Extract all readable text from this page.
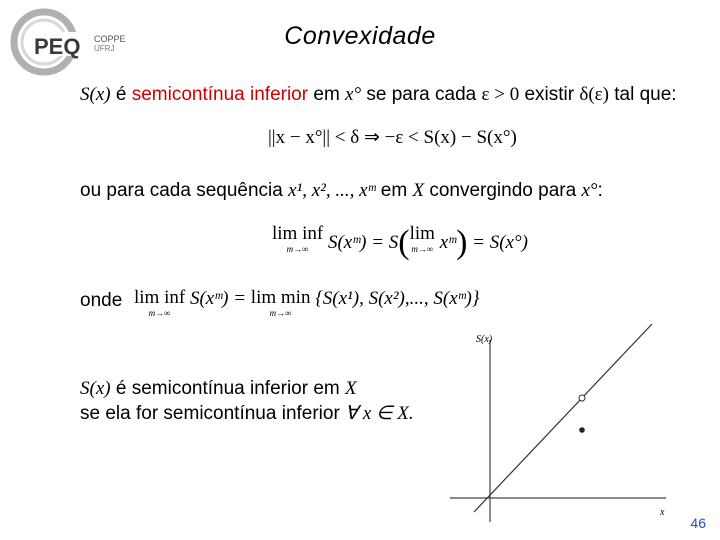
PEQ COPPE
UFRJ	Convexidade
S(x) é semicontínua inferior em x° se para cada ε > 0 existir δ(ε) tal que:
||x − x°|| < δ ⇒ −ε < S(x) − S(x°)
ou para cada sequência x¹, x², ..., xᵐ em X convergindo para x°:
lim inf
m→∞	S(xᵐ) = S(lim
m→∞ xᵐ) = S(x°)
onde lim inf
m→∞
S(xᵐ) = lim min
m→∞
{S(x¹), S(x²),..., S(xᵐ)}
S(x) é semicontínua inferior em X
se ela for semicontínua inferior ∀ x ∈ X.
S(x)
x
46
